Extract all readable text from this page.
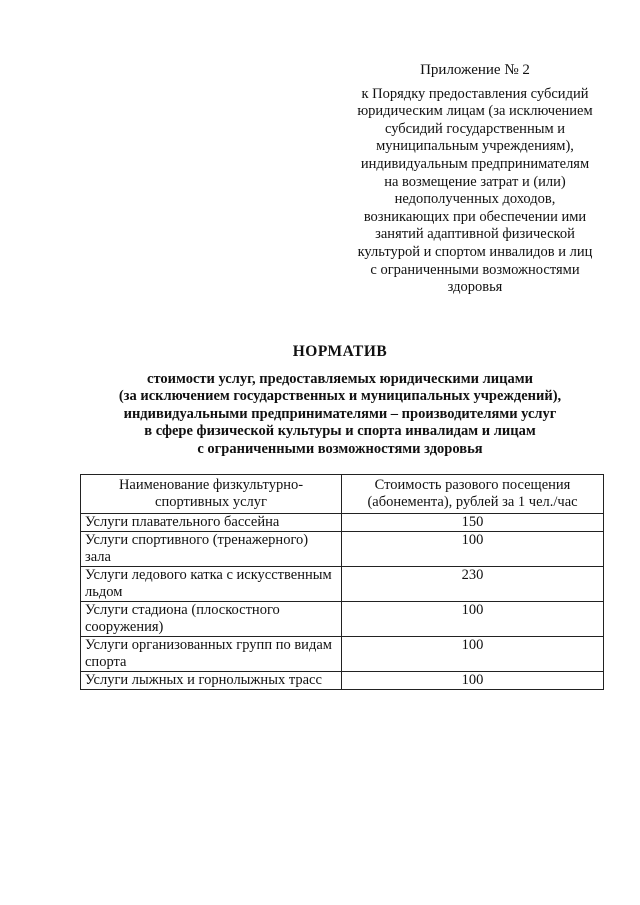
Приложение № 2
к Порядку предоставления субсидий
юридическим лицам (за исключением
субсидий государственным и
муниципальным учреждениям),
индивидуальным предпринимателям
на возмещение затрат и (или)
недополученных доходов,
возникающих при обеспечении ими
занятий адаптивной физической
культурой и спортом инвалидов и лиц
с ограниченными возможностями
здоровья
НОРМАТИВ
стоимости услуг, предоставляемых юридическими лицами
(за исключением государственных и муниципальных учреждений),
индивидуальными предпринимателями – производителями услуг
в сфере физической культуры и спорта инвалидам и лицам
с ограниченными возможностями здоровья
Наименование физкультурно-спортивных услуг	Стоимость разового посещения (абонемента), рублей за 1 чел./час
Услуги плавательного бассейна	150
Услуги спортивного (тренажерного) зала	100
Услуги ледового катка с искусственным льдом	230
Услуги стадиона (плоскостного сооружения)	100
Услуги организованных групп по видам спорта	100
Услуги лыжных и горнолыжных трасс	100
